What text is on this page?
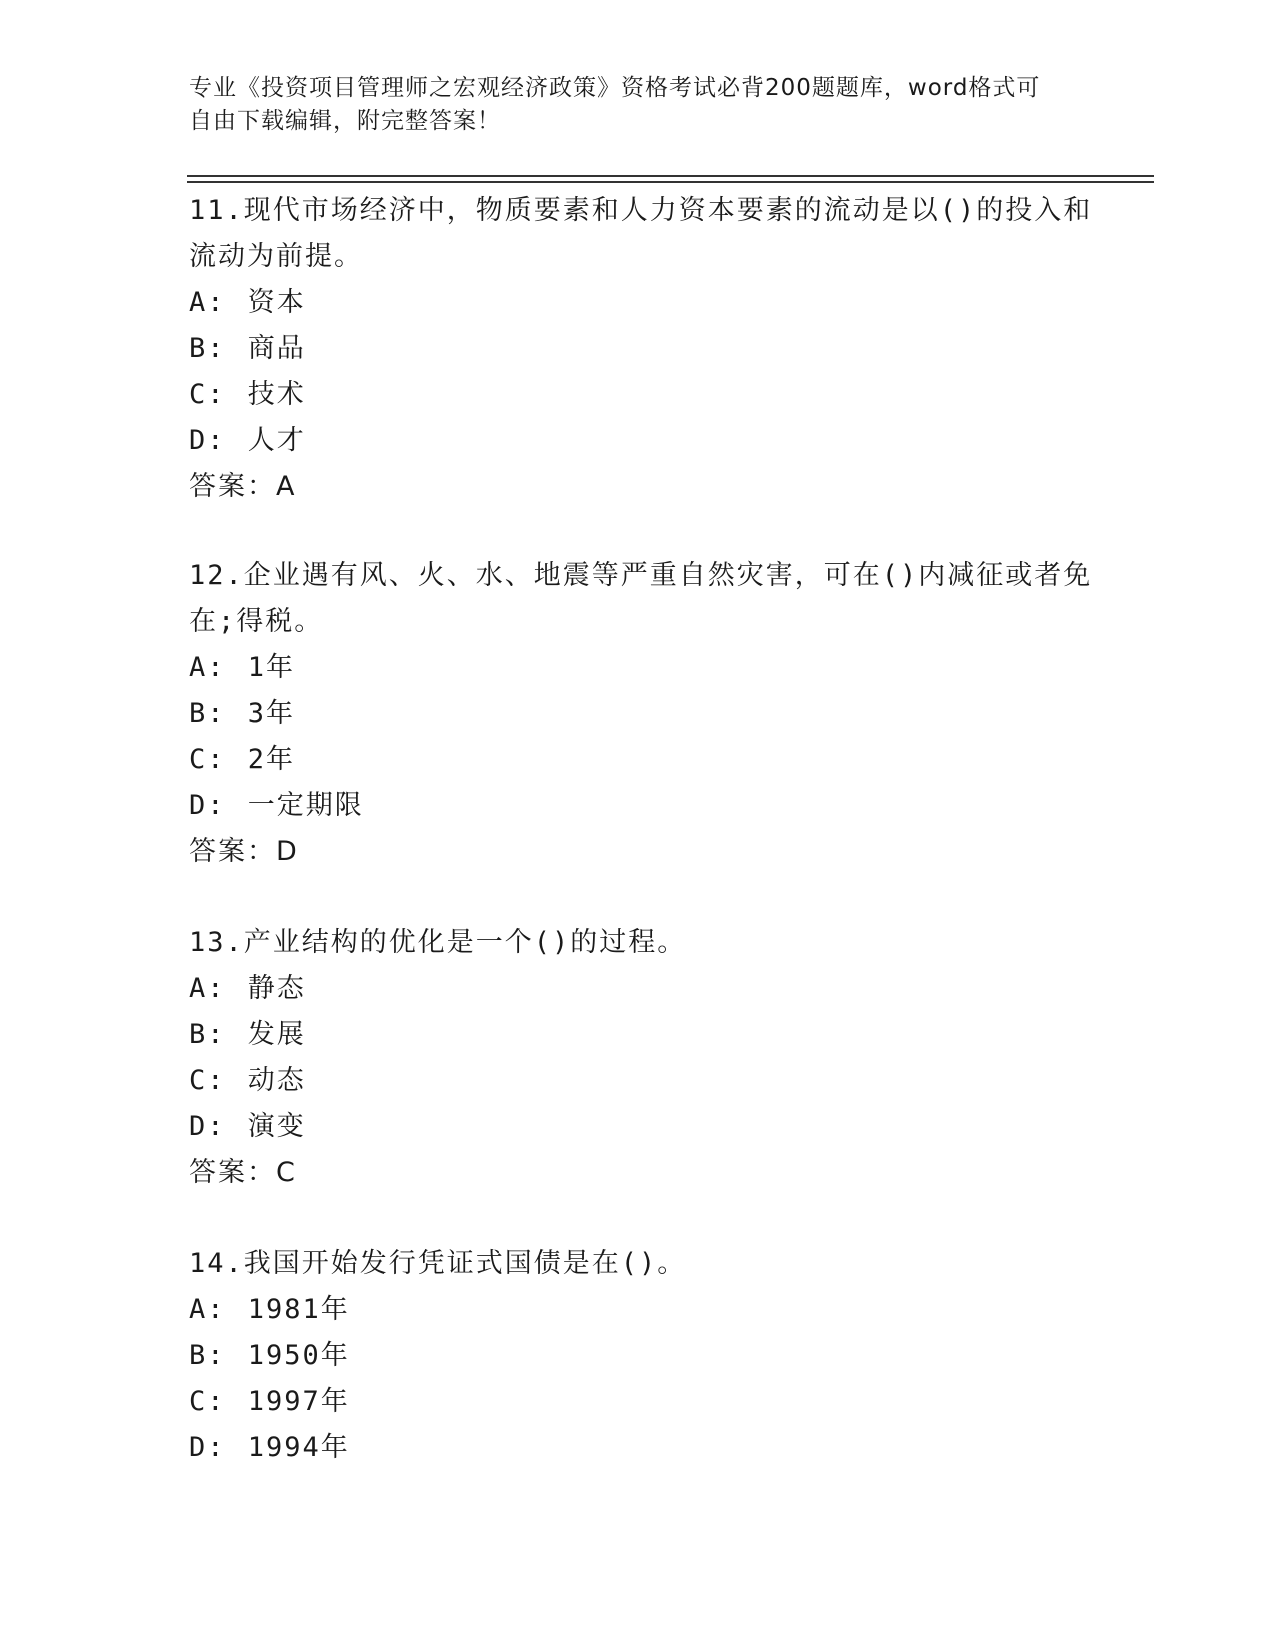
专业《投资项目管理师之宏观经济政策》资格考试必背200题题库，word格式可
自由下载编辑，附完整答案！
11.现代市场经济中，物质要素和人力资本要素的流动是以()的投入和
流动为前提。
A: 资本
B: 商品
C: 技术
D: 人才
答案：A
12.企业遇有风、火、水、地震等严重自然灾害，可在()内减征或者免
在;得税。
A: 1年
B: 3年
C: 2年
D: 一定期限
答案：D
13.产业结构的优化是一个()的过程。
A: 静态
B: 发展
C: 动态
D: 演变
答案：C
14.我国开始发行凭证式国债是在()。
A: 1981年
B: 1950年
C: 1997年
D: 1994年
